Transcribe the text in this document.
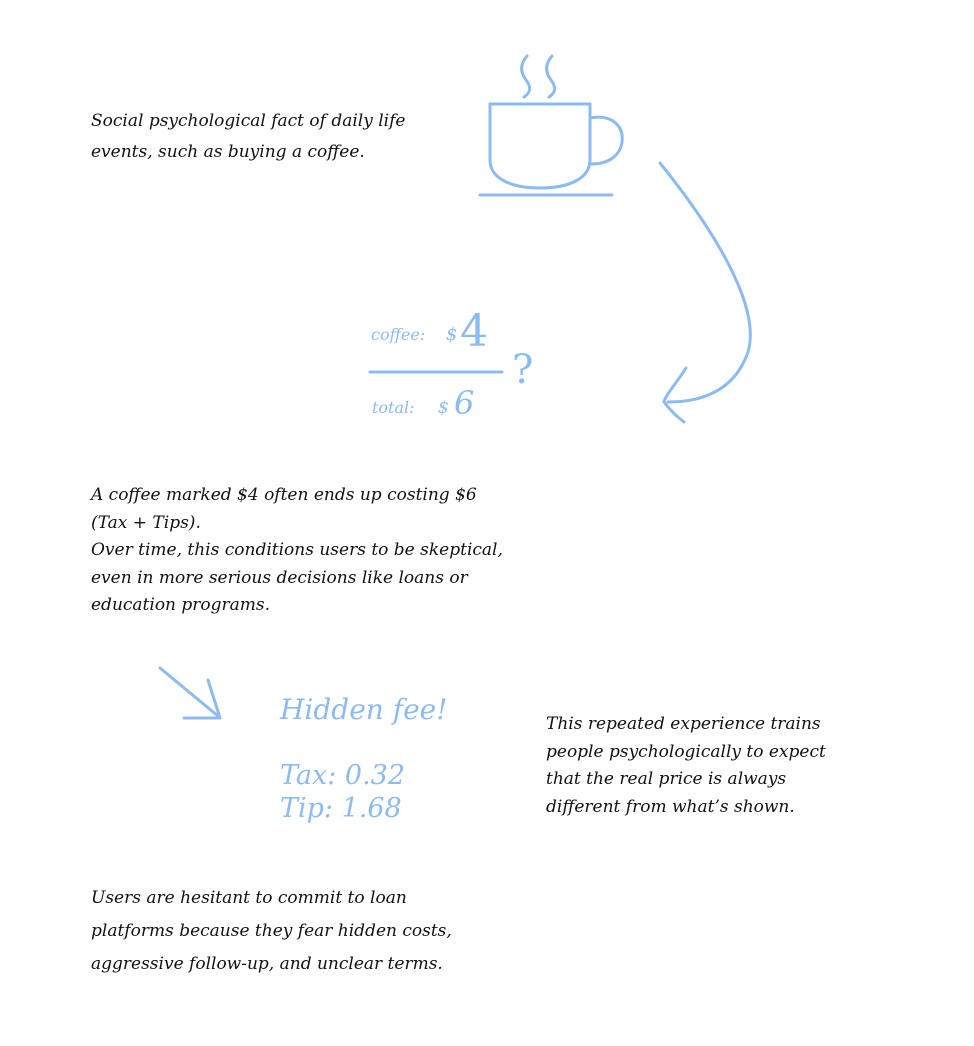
Social psychological fact of daily life
events, such as buying a coffee.

coffee: $ 4
total: $ 6
?

A coffee marked $4 often ends up costing $6
(Tax + Tips).
Over time, this conditions users to be skeptical,
even in more serious decisions like loans or
education programs.

Hidden fee!
Tax: 0.32
Tip: 1.68

This repeated experience trains
people psychologically to expect
that the real price is always
different from what’s shown.

Users are hesitant to commit to loan
platforms because they fear hidden costs,
aggressive follow-up, and unclear terms.
